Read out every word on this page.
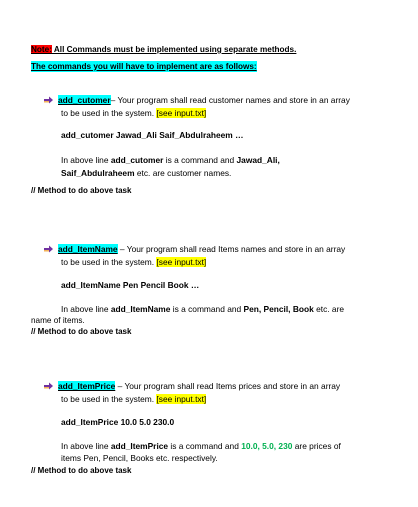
Note: All Commands must be implemented using separate methods.
The commands you will have to implement are as follows:
add_cutomer– Your program shall read customer names and store in an array
to be used in the system. [see input.txt]
add_cutomer Jawad_Ali Saif_Abdulraheem …
In above line add_cutomer is a command and Jawad_Ali,
Saif_Abdulraheem etc. are customer names.
// Method to do above task
add_ItemName – Your program shall read Items names and store in an array
to be used in the system. [see input.txt]
add_ItemName Pen Pencil Book …
In above line add_ItemName is a command and Pen, Pencil, Book etc. are
name of items.
// Method to do above task
add_ItemPrice – Your program shall read Items prices and store in an array
to be used in the system. [see input.txt]
add_ItemPrice 10.0 5.0 230.0
In above line add_ItemPrice is a command and 10.0, 5.0, 230 are prices of
items Pen, Pencil, Books etc. respectively.
// Method to do above task
